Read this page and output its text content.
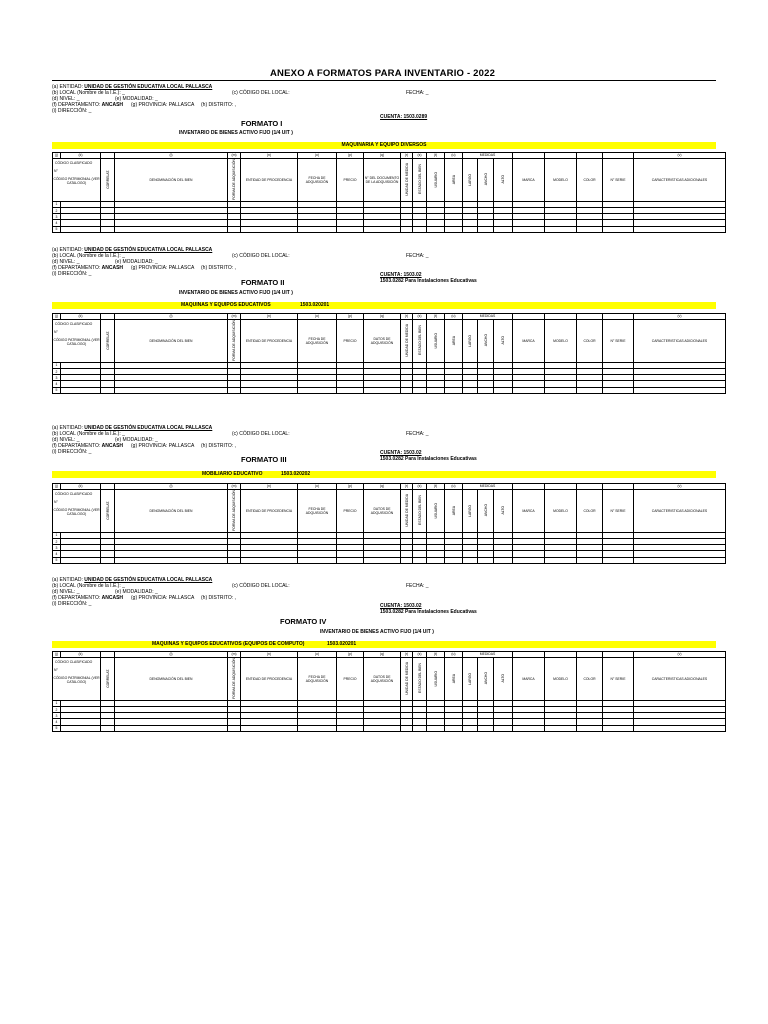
ANEXO A FORMATOS PARA INVENTARIO - 2022
(a) ENTIDAD: UNIDAD DE GESTIÓN EDUCATIVA LOCAL PALLASCA
(b) LOCAL (Nombre de la I.E.): _	(c) CÓDIGO DEL LOCAL:	FECHA: _
(d) NIVEL: _	(e) MODALIDAD: _
(f) DEPARTAMENTO: ANCASH (g) PROVINCIA: PALLASCA (h) DISTRITO: ,
(i) DIRECCIÓN: _
CUENTA: 1503.0289
FORMATO I
INVENTARIO DE BIENES ACTIVO FIJO (1/4 UIT )
MAQUINARIA Y EQUIPO DIVERSOS
(j)	(k)		(l)	(m)	(n)	(o)	(p)	(q)	(r)	(s)	(t)	(u)	MEDIDAS							(v)

CÓDIGO CLASIFICADO
N°
CÓDIGO PATRIMONIAL (VER CATALOGO)		CORRELAT.	DENOMINACIÓN DEL BIEN	FORMA DE ADQUISICIÓN	ENTIDAD DE PROCEDENCIA	FECHA DE ADQUISICIÓN	PRECIO	N° DEL DOCUMENTO DE LA ADQUISICIÓN	UNIDAD DE MEDIDA	ESTADO DEL BIEN	USUARIO	AREA	LARGO	ANCHO	ALTO	MARCA	MODELO	COLOR	N° SERIE	CARACTERISTICAS ADICIONALES
1																				
2																				
3																				
4																				
5																				
(a) ENTIDAD: UNIDAD DE GESTIÓN EDUCATIVA LOCAL PALLASCA
(b) LOCAL (Nombre de la I.E.): _	(c) CÓDIGO DEL LOCAL:	FECHA: _
(d) NIVEL: _	(e) MODALIDAD: _
(f) DEPARTAMENTO: ANCASH (g) PROVINCIA: PALLASCA (h) DISTRITO: ,
(i) DIRECCIÓN: _	CUENTA: 1503.02
1503.0282 Para Instalaciones Educativas
FORMATO II
INVENTARIO DE BIENES ACTIVO FIJO (1/4 UIT )
MAQUINAS Y EQUIPOS EDUCATIVOS	1503.020201
(j)	(k)		(l)	(m)	(n)	(o)	(p)	(q)	(r)	(s)	(t)	(u)	MEDIDAS							(v)

CÓDIGO CLASIFICADO
N°
CÓDIGO PATRIMONIAL (VER CATALOGO)		CORRELAT.	DENOMINACIÓN DEL BIEN	FORMA DE ADQUISICIÓN	ENTIDAD DE PROCEDENCIA	FECHA DE ADQUISICIÓN	PRECIO	DATOS DE ADQUISICIÓN	UNIDAD DE MEDIDA	ESTADO DEL BIEN	USUARIO	AREA	LARGO	ANCHO	ALTO	MARCA	MODELO	COLOR	N° SERIE	CARACTERISTICAS ADICIONALES
1																				
2																				
3																				
4																				
5																				
(a) ENTIDAD: UNIDAD DE GESTIÓN EDUCATIVA LOCAL PALLASCA
(b) LOCAL (Nombre de la I.E.): _	(c) CÓDIGO DEL LOCAL:	FECHA: _
(d) NIVEL: _	(e) MODALIDAD: _
(f) DEPARTAMENTO: ANCASH (g) PROVINCIA: PALLASCA (h) DISTRITO: ,
(i) DIRECCIÓN: _	CUENTA: 1503.02
1503.0282 Para Instalaciones Educativas
FORMATO III
MOBILIARIO EDUCATIVO	1503.020202
(j)	(k)		(l)	(m)	(n)	(o)	(p)	(q)	(r)	(s)	(t)	(u)	MEDIDAS							(v)

CÓDIGO CLASIFICADO
N°
CÓDIGO PATRIMONIAL (VER CATALOGO)		CORRELAT.	DENOMINACIÓN DEL BIEN	FORMA DE ADQUISICIÓN	ENTIDAD DE PROCEDENCIA	FECHA DE ADQUISICIÓN	PRECIO	DATOS DE ADQUISICIÓN	UNIDAD DE MEDIDA	ESTADO DEL BIEN	USUARIO	AREA	LARGO	ANCHO	ALTO	MARCA	MODELO	COLOR	N° SERIE	CARACTERISTICAS ADICIONALES
1																				
2																				
3																				
4																				
5																				
(a) ENTIDAD: UNIDAD DE GESTIÓN EDUCATIVA LOCAL PALLASCA
(b) LOCAL (Nombre de la I.E.): _	(c) CÓDIGO DEL LOCAL:	FECHA: _
(d) NIVEL: _	(e) MODALIDAD: _
(f) DEPARTAMENTO: ANCASH (g) PROVINCIA: PALLASCA (h) DISTRITO: ,
(i) DIRECCIÓN: _	CUENTA: 1503.02
1503.0282 Para Instalaciones Educativas
FORMATO IV
INVENTARIO DE BIENES ACTIVO FIJO (1/4 UIT )
MAQUINAS Y EQUIPOS EDUCATIVOS (EQUIPOS DE COMPUTO)	1503.020201
(j)	(k)		(l)	(m)	(n)	(o)	(p)	(q)	(r)	(s)	(t)	(u)	MEDIDAS							(v)

CÓDIGO CLASIFICADO
N°
CÓDIGO PATRIMONIAL (VER CATALOGO)		CORRELAT.	DENOMINACIÓN DEL BIEN	FORMA DE ADQUISICIÓN	ENTIDAD DE PROCEDENCIA	FECHA DE ADQUISICIÓN	PRECIO	DATOS DE ADQUISICIÓN	UNIDAD DE MEDIDA	ESTADO DEL BIEN	USUARIO	AREA	LARGO	ANCHO	ALTO	MARCA	MODELO	COLOR	N° SERIE	CARACTERISTICAS ADICIONALES
1																				
2																				
3																				
4																				
5																				
